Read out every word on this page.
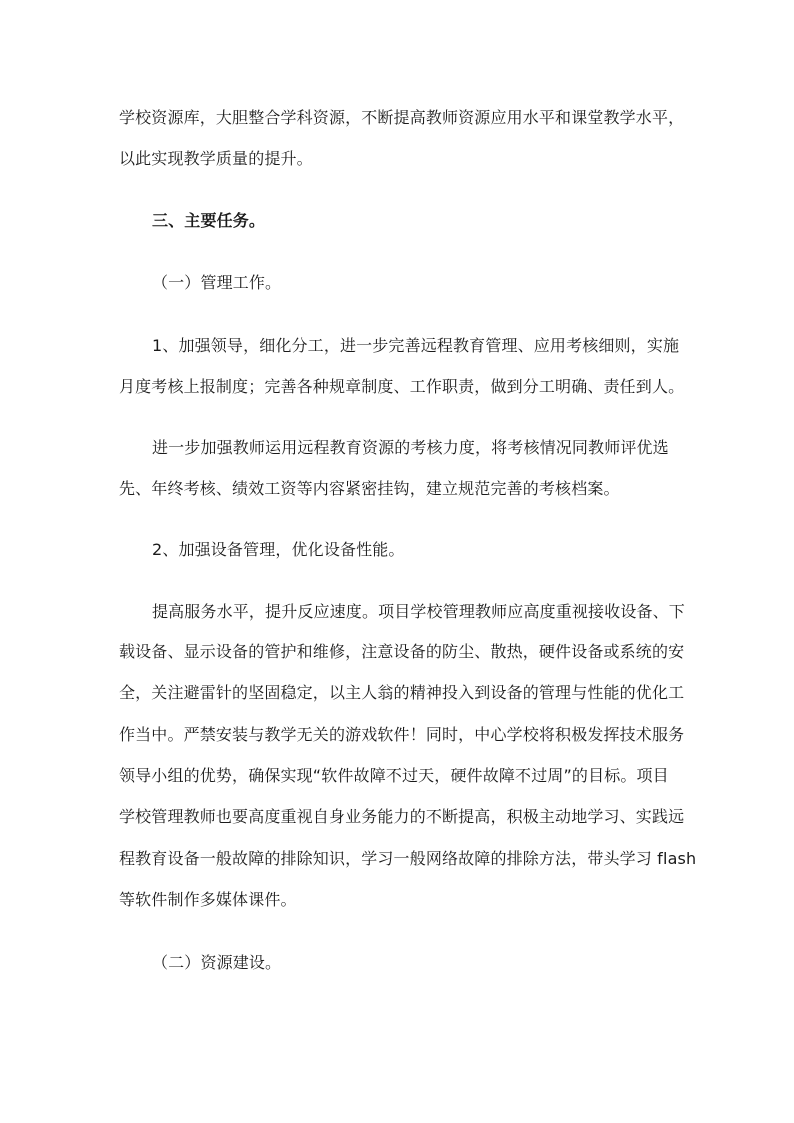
学校资源库，大胆整合学科资源，不断提高教师资源应用水平和课堂教学水平，
以此实现教学质量的提升。
三、主要任务。
（一）管理工作。
1、加强领导，细化分工，进一步完善远程教育管理、应用考核细则，实施
月度考核上报制度；完善各种规章制度、工作职责，做到分工明确、责任到人。
进一步加强教师运用远程教育资源的考核力度，将考核情况同教师评优选
先、年终考核、绩效工资等内容紧密挂钩，建立规范完善的考核档案。
2、加强设备管理，优化设备性能。
提高服务水平，提升反应速度。项目学校管理教师应高度重视接收设备、下
载设备、显示设备的管护和维修，注意设备的防尘、散热，硬件设备或系统的安
全，关注避雷针的坚固稳定，以主人翁的精神投入到设备的管理与性能的优化工
作当中。严禁安装与教学无关的游戏软件！同时，中心学校将积极发挥技术服务
领导小组的优势，确保实现“软件故障不过天，硬件故障不过周”的目标。项目
学校管理教师也要高度重视自身业务能力的不断提高，积极主动地学习、实践远
程教育设备一般故障的排除知识，学习一般网络故障的排除方法，带头学习 flash
等软件制作多媒体课件。
（二）资源建设。
